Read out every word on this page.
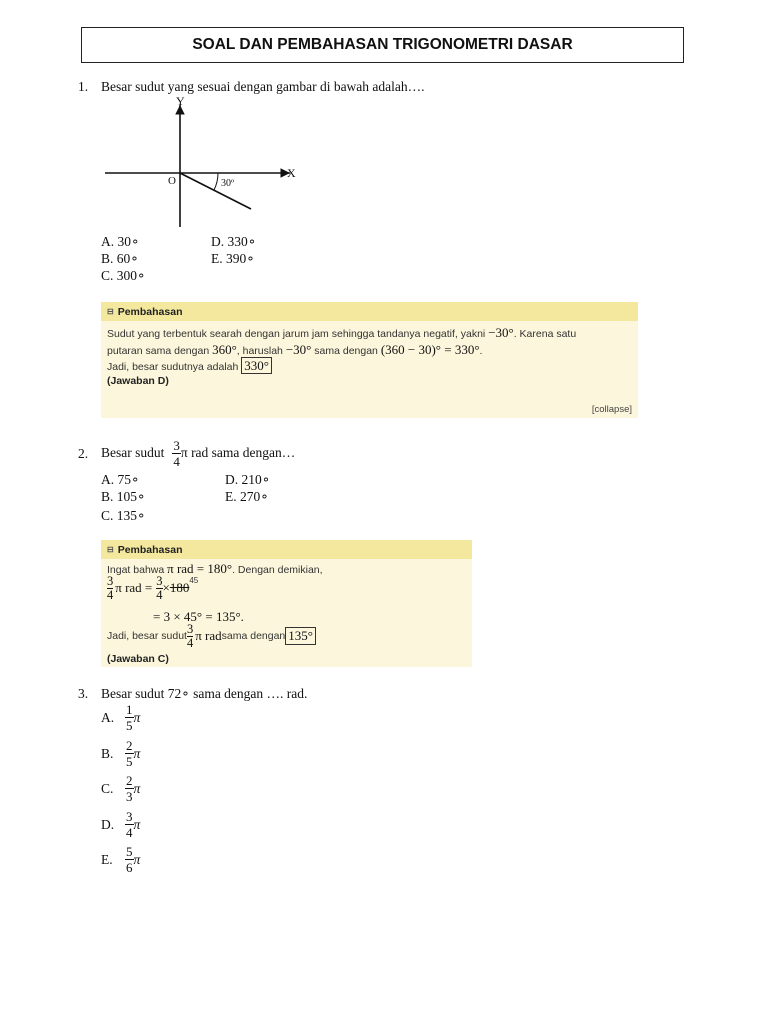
SOAL DAN PEMBAHASAN TRIGONOMETRI DASAR
1. Besar sudut yang sesuai dengan gambar di bawah adalah….
Y
X
O	30º
A. 30∘
B. 60∘
C. 300∘
D. 330∘
E. 390∘
⊟ Pembahasan
Sudut yang terbentuk searah dengan jarum jam sehingga tandanya negatif, yakni −30°. Karena satu
putaran sama dengan 360°, haruslah −30° sama dengan (360 − 30)° = 330°.
Jadi, besar sudutnya adalah 330°
(Jawaban D)
[collapse]
2. Besar sudut $\frac{3}{4}$ π rad sama dengan…
A. 75∘
B. 105∘
C. 135∘
D. 210∘
E. 270∘
⊟ Pembahasan
Ingat bahwa π rad = 180°. Dengan demikian,
3
4 π rad = $\frac{3}{4} \times 180$ 45
= 3 × 45° = 135°.
Jadi, besar sudut 3
4 π rad sama dengan 135°
(Jawaban C)
3. Besar sudut 72∘ sama dengan …. rad.
A. $\frac{1}{5}$ π
B. $\frac{2}{5}$ π
C. $\frac{2}{3}$ π
D. $\frac{3}{4}$ π
E. $\frac{5}{6}$ π
